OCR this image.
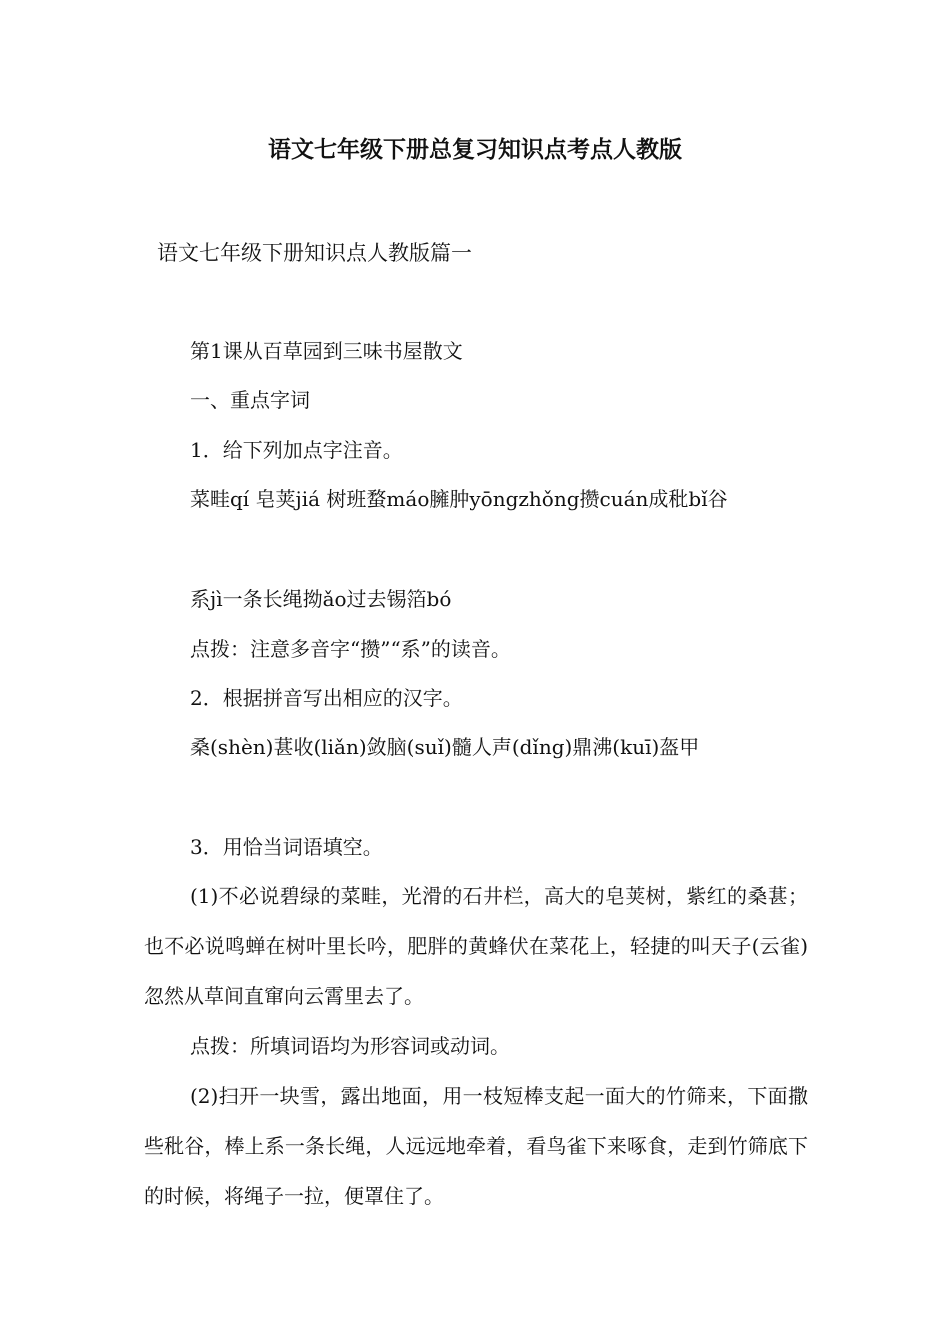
语文七年级下册总复习知识点考点人教版
语文七年级下册知识点人教版篇一

第1课从百草园到三味书屋散文

一、重点字词

1．给下列加点字注音。

菜畦qí 皂荚jiá 树班蝥máo臃肿yōngzhǒng攒cuán成秕bǐ谷

系jì一条长绳拗ǎo过去锡箔bó

点拨：注意多音字“攒”“系”的读音。

2．根据拼音写出相应的汉字。

桑(shèn)葚收(liǎn)敛脑(suǐ)髓人声(dǐng)鼎沸(kuī)盔甲

3．用恰当词语填空。

(1)不必说碧绿的菜畦，光滑的石井栏，高大的皂荚树，紫红的桑葚；也不必说鸣蝉在树叶里长吟，肥胖的黄蜂伏在菜花上，轻捷的叫天子(云雀)忽然从草间直窜向云霄里去了。

点拨：所填词语均为形容词或动词。

(2)扫开一块雪，露出地面，用一枝短棒支起一面大的竹筛来，下面撒些秕谷，棒上系一条长绳，人远远地牵着，看鸟雀下来啄食，走到竹筛底下的时候，将绳子一拉，便罩住了。
